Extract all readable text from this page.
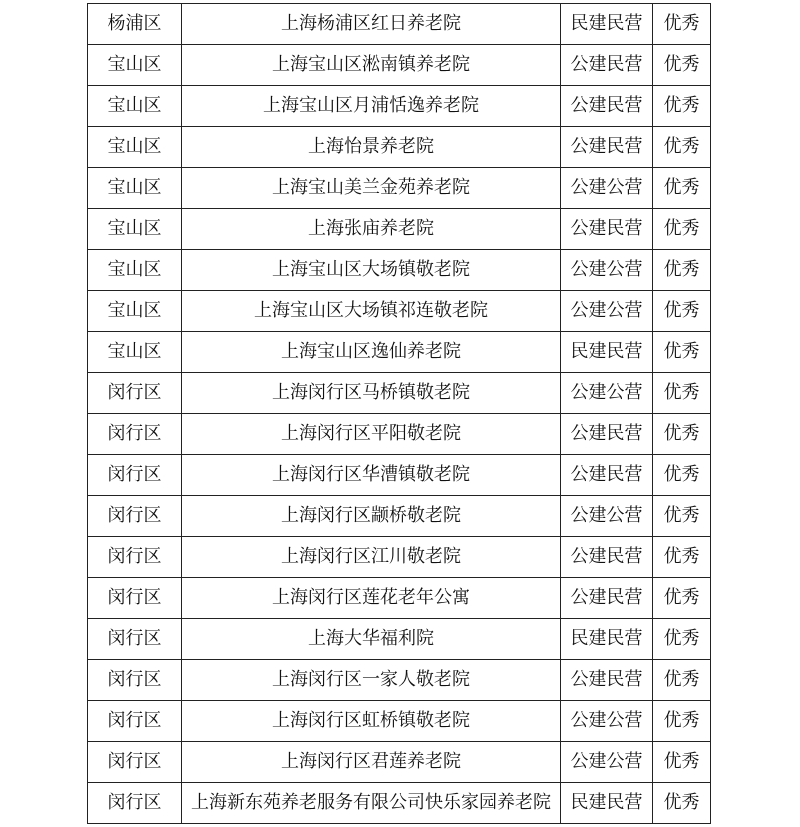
杨浦区	上海杨浦区红日养老院	民建民营	优秀
宝山区	上海宝山区淞南镇养老院	公建民营	优秀
宝山区	上海宝山区月浦恬逸养老院	公建民营	优秀
宝山区	上海怡景养老院	公建民营	优秀
宝山区	上海宝山美兰金苑养老院	公建公营	优秀
宝山区	上海张庙养老院	公建民营	优秀
宝山区	上海宝山区大场镇敬老院	公建公营	优秀
宝山区	上海宝山区大场镇祁连敬老院	公建公营	优秀
宝山区	上海宝山区逸仙养老院	民建民营	优秀
闵行区	上海闵行区马桥镇敬老院	公建公营	优秀
闵行区	上海闵行区平阳敬老院	公建民营	优秀
闵行区	上海闵行区华漕镇敬老院	公建民营	优秀
闵行区	上海闵行区颛桥敬老院	公建公营	优秀
闵行区	上海闵行区江川敬老院	公建民营	优秀
闵行区	上海闵行区莲花老年公寓	公建民营	优秀
闵行区	上海大华福利院	民建民营	优秀
闵行区	上海闵行区一家人敬老院	公建民营	优秀
闵行区	上海闵行区虹桥镇敬老院	公建公营	优秀
闵行区	上海闵行区君莲养老院	公建公营	优秀
闵行区	上海新东苑养老服务有限公司快乐家园养老院	民建民营	优秀
